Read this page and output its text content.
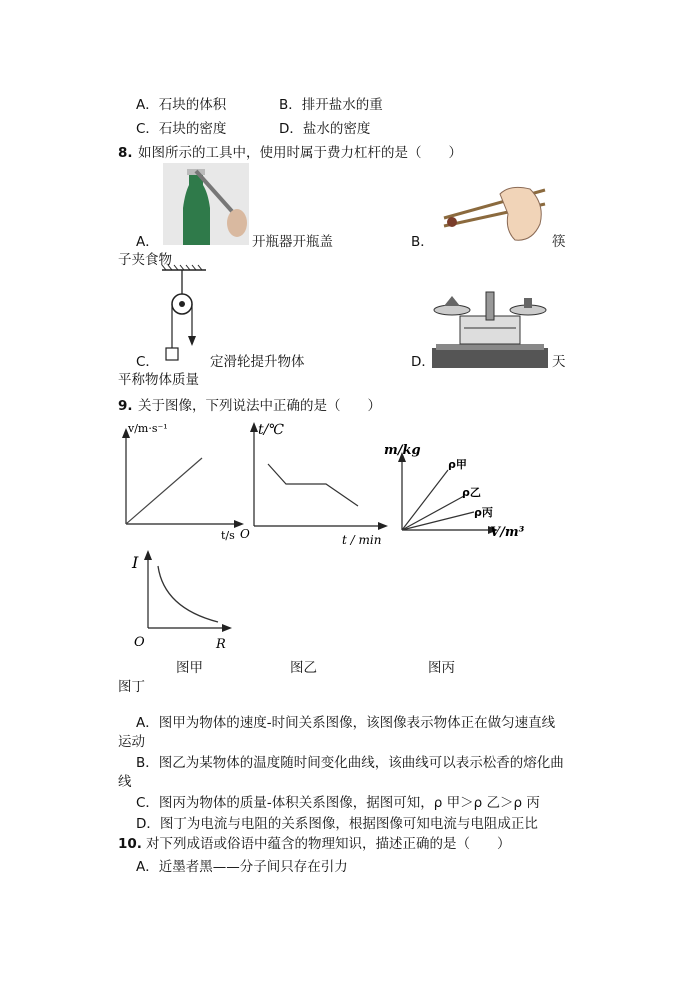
A．石块的体积	B．排开盐水的重
C．石块的密度	D．盐水的密度
8. 如图所示的工具中，使用时属于费力杠杆的是（　　）
A．	开瓶器开瓶盖	B．	筷
子夹食物
C．	定滑轮提升物体	D．	天
平称物体质量
9. 关于图像，下列说法中正确的是（　　）
v/m·s⁻¹
t/s
t/℃
O	t / min
m/kg
V/m³
ρ甲
ρ乙
ρ丙
I
O	R
图甲	图乙	图丙
图丁
A．图甲为物体的速度-时间关系图像，该图像表示物体正在做匀速直线
运动
B．图乙为某物体的温度随时间变化曲线，该曲线可以表示松香的熔化曲
线
C．图丙为物体的质量-体积关系图像，据图可知，ρ 甲＞ρ 乙＞ρ 丙
D．图丁为电流与电阻的关系图像，根据图像可知电流与电阻成正比
10. 对下列成语或俗语中蕴含的物理知识，描述正确的是（　　）
A．近墨者黑——分子间只存在引力
